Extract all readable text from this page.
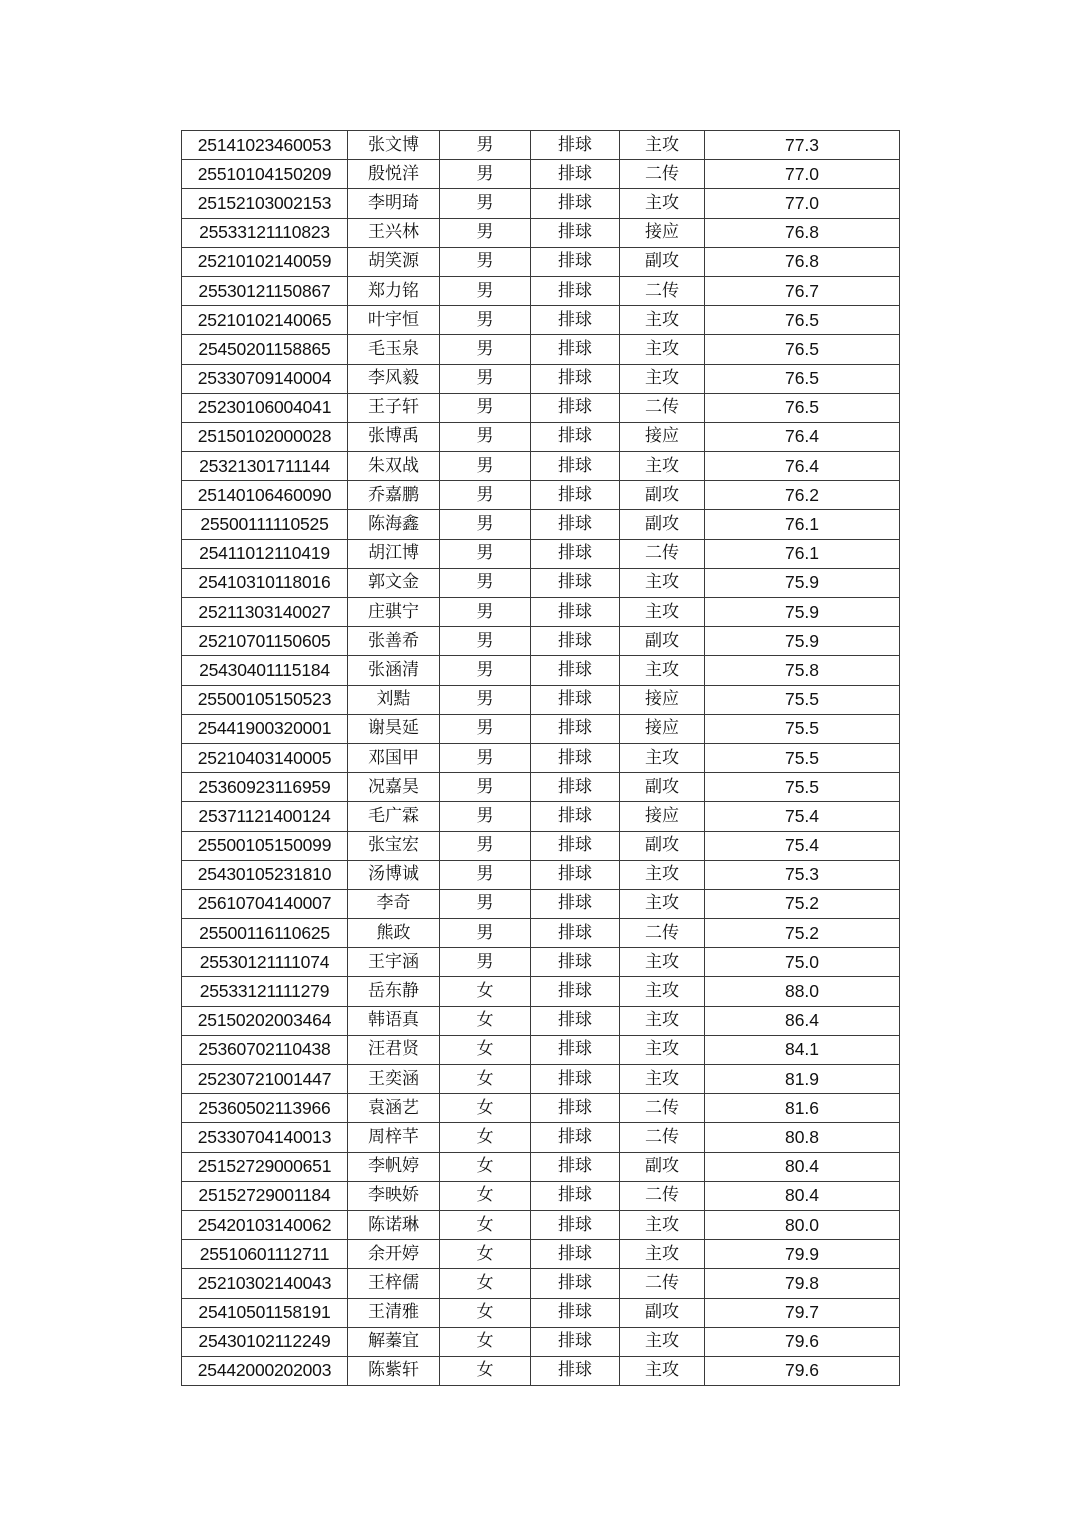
25141023460053	张文博	男	排球	主攻	77.3
25510104150209	殷悦洋	男	排球	二传	77.0
25152103002153	李明琦	男	排球	主攻	77.0
25533121110823	王兴林	男	排球	接应	76.8
25210102140059	胡笑源	男	排球	副攻	76.8
25530121150867	郑力铭	男	排球	二传	76.7
25210102140065	叶宇恒	男	排球	主攻	76.5
25450201158865	毛玉泉	男	排球	主攻	76.5
25330709140004	李风毅	男	排球	主攻	76.5
25230106004041	王子轩	男	排球	二传	76.5
25150102000028	张博禹	男	排球	接应	76.4
25321301711144	朱双战	男	排球	主攻	76.4
25140106460090	乔嘉鹏	男	排球	副攻	76.2
25500111110525	陈海鑫	男	排球	副攻	76.1
25411012110419	胡江博	男	排球	二传	76.1
25410310118016	郭文金	男	排球	主攻	75.9
25211303140027	庄骐宁	男	排球	主攻	75.9
25210701150605	张善希	男	排球	副攻	75.9
25430401115184	张涵清	男	排球	主攻	75.8
25500105150523	刘黠	男	排球	接应	75.5
25441900320001	谢昊延	男	排球	接应	75.5
25210403140005	邓国甲	男	排球	主攻	75.5
25360923116959	况嘉昊	男	排球	副攻	75.5
25371121400124	毛广霖	男	排球	接应	75.4
25500105150099	张宝宏	男	排球	副攻	75.4
25430105231810	汤博诚	男	排球	主攻	75.3
25610704140007	李奇	男	排球	主攻	75.2
25500116110625	熊政	男	排球	二传	75.2
25530121111074	王宇涵	男	排球	主攻	75.0
25533121111279	岳东静	女	排球	主攻	88.0
25150202003464	韩语真	女	排球	主攻	86.4
25360702110438	汪君贤	女	排球	主攻	84.1
25230721001447	王奕涵	女	排球	主攻	81.9
25360502113966	袁涵艺	女	排球	二传	81.6
25330704140013	周梓芊	女	排球	二传	80.8
25152729000651	李帆婷	女	排球	副攻	80.4
25152729001184	李映娇	女	排球	二传	80.4
25420103140062	陈诺琳	女	排球	主攻	80.0
25510601112711	余开婷	女	排球	主攻	79.9
25210302140043	王梓儒	女	排球	二传	79.8
25410501158191	王清雅	女	排球	副攻	79.7
25430102112249	解蓁宜	女	排球	主攻	79.6
25442000202003	陈紫轩	女	排球	主攻	79.6
